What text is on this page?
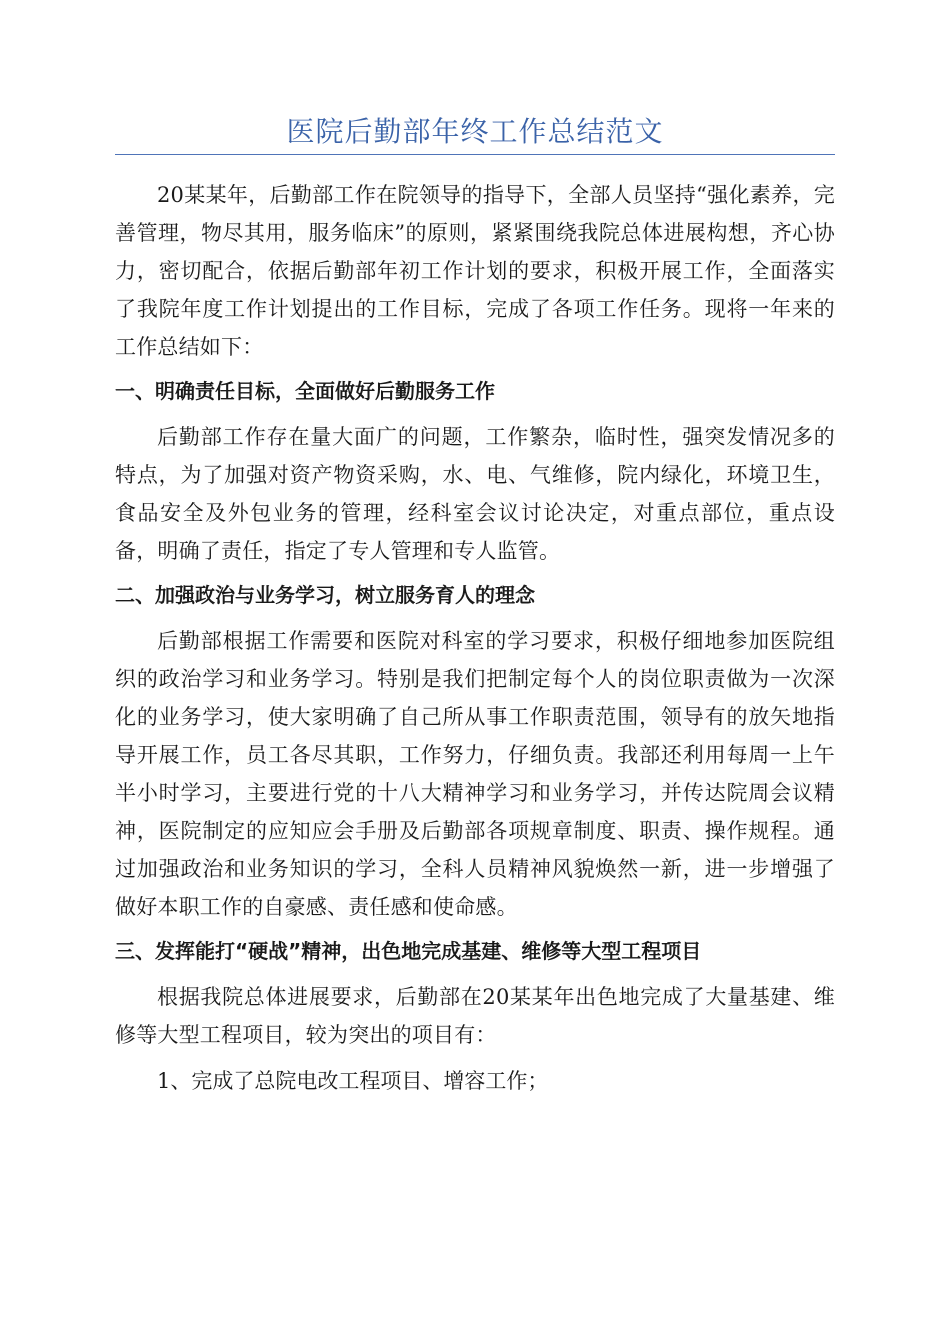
医院后勤部年终工作总结范文

20某某年，后勤部工作在院领导的指导下，全部人员坚持“强化素养，完善管理，物尽其用，服务临床”的原则，紧紧围绕我院总体进展构想，齐心协力，密切配合，依据后勤部年初工作计划的要求，积极开展工作，全面落实了我院年度工作计划提出的工作目标，完成了各项工作任务。现将一年来的工作总结如下：

一、明确责任目标，全面做好后勤服务工作

后勤部工作存在量大面广的问题，工作繁杂，临时性，强突发情况多的特点，为了加强对资产物资采购，水、电、气维修，院内绿化，环境卫生，食品安全及外包业务的管理，经科室会议讨论决定，对重点部位，重点设备，明确了责任，指定了专人管理和专人监管。

二、加强政治与业务学习，树立服务育人的理念

后勤部根据工作需要和医院对科室的学习要求，积极仔细地参加医院组织的政治学习和业务学习。特别是我们把制定每个人的岗位职责做为一次深化的业务学习，使大家明确了自己所从事工作职责范围，领导有的放矢地指导开展工作，员工各尽其职，工作努力，仔细负责。我部还利用每周一上午半小时学习，主要进行党的十八大精神学习和业务学习，并传达院周会议精神，医院制定的应知应会手册及后勤部各项规章制度、职责、操作规程。通过加强政治和业务知识的学习，全科人员精神风貌焕然一新，进一步增强了做好本职工作的自豪感、责任感和使命感。

三、发挥能打“硬战”精神，出色地完成基建、维修等大型工程项目

根据我院总体进展要求，后勤部在20某某年出色地完成了大量基建、维修等大型工程项目，较为突出的项目有：

1、完成了总院电改工程项目、增容工作；
